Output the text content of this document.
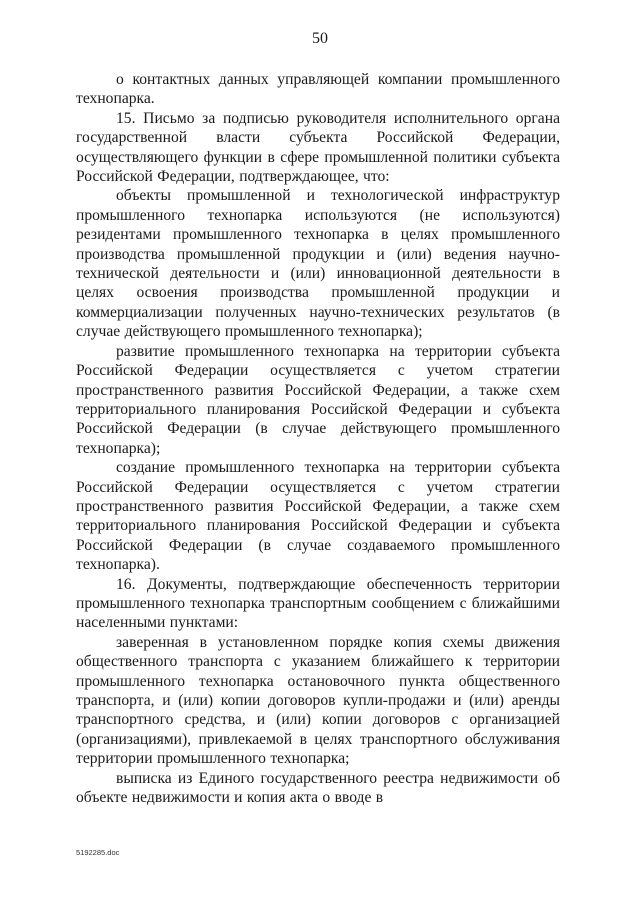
50

о контактных данных управляющей компании промышленного технопарка.

15. Письмо за подписью руководителя исполнительного органа государственной власти субъекта Российской Федерации, осуществляющего функции в сфере промышленной политики субъекта Российской Федерации, подтверждающее, что:

объекты промышленной и технологической инфраструктур промышленного технопарка используются (не используются) резидентами промышленного технопарка в целях промышленного производства промышленной продукции и (или) ведения научно-технической деятельности и (или) инновационной деятельности в целях освоения производства промышленной продукции и коммерциализации полученных научно-технических результатов (в случае действующего промышленного технопарка);

развитие промышленного технопарка на территории субъекта Российской Федерации осуществляется с учетом стратегии пространственного развития Российской Федерации, а также схем территориального планирования Российской Федерации и субъекта Российской Федерации (в случае действующего промышленного технопарка);

создание промышленного технопарка на территории субъекта Российской Федерации осуществляется с учетом стратегии пространственного развития Российской Федерации, а также схем территориального планирования Российской Федерации и субъекта Российской Федерации (в случае создаваемого промышленного технопарка).

16. Документы, подтверждающие обеспеченность территории промышленного технопарка транспортным сообщением с ближайшими населенными пунктами:

заверенная в установленном порядке копия схемы движения общественного транспорта с указанием ближайшего к территории промышленного технопарка остановочного пункта общественного транспорта, и (или) копии договоров купли-продажи и (или) аренды транспортного средства, и (или) копии договоров с организацией (организациями), привлекаемой в целях транспортного обслуживания территории промышленного технопарка;

выписка из Единого государственного реестра недвижимости об объекте недвижимости и копия акта о вводе в

5192285.doc
